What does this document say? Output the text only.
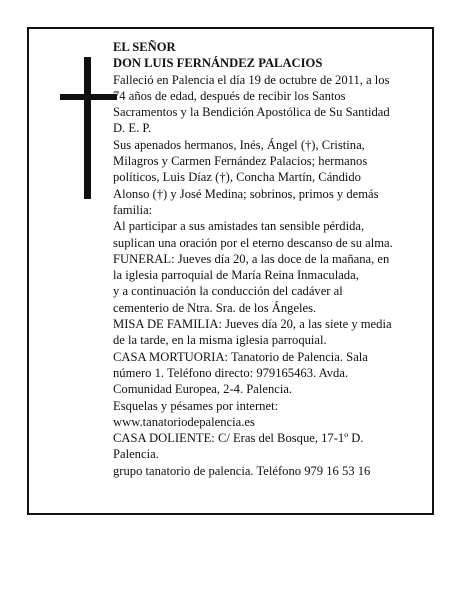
EL SEÑOR
DON LUIS FERNÁNDEZ PALACIOS
Falleció en Palencia el día 19 de octubre de 2011, a los
74 años de edad, después de recibir los Santos
Sacramentos y la Bendición Apostólica de Su Santidad
D. E. P.
Sus apenados hermanos, Inés, Ángel (†), Cristina,
Milagros y Carmen Fernández Palacios; hermanos
políticos, Luis Díaz (†), Concha Martín, Cándido
Alonso (†) y José Medina; sobrinos, primos y demás
familia:
Al participar a sus amistades tan sensible pérdida,
suplican una oración por el eterno descanso de su alma.
FUNERAL: Jueves día 20, a las doce de la mañana, en
la iglesia parroquial de María Reina Inmaculada,
y a continuación la conducción del cadáver al
cementerio de Ntra. Sra. de los Ángeles.
MISA DE FAMILIA: Jueves día 20, a las siete y media
de la tarde, en la misma iglesia parroquial.
CASA MORTUORIA: Tanatorio de Palencia. Sala
número 1. Teléfono directo: 979165463. Avda.
Comunidad Europea, 2-4. Palencia.
Esquelas y pésames por internet:
www.tanatoriodepalencia.es
CASA DOLIENTE: C/ Eras del Bosque, 17-1º D.
Palencia.
grupo tanatorio de palencia. Teléfono 979 16 53 16
